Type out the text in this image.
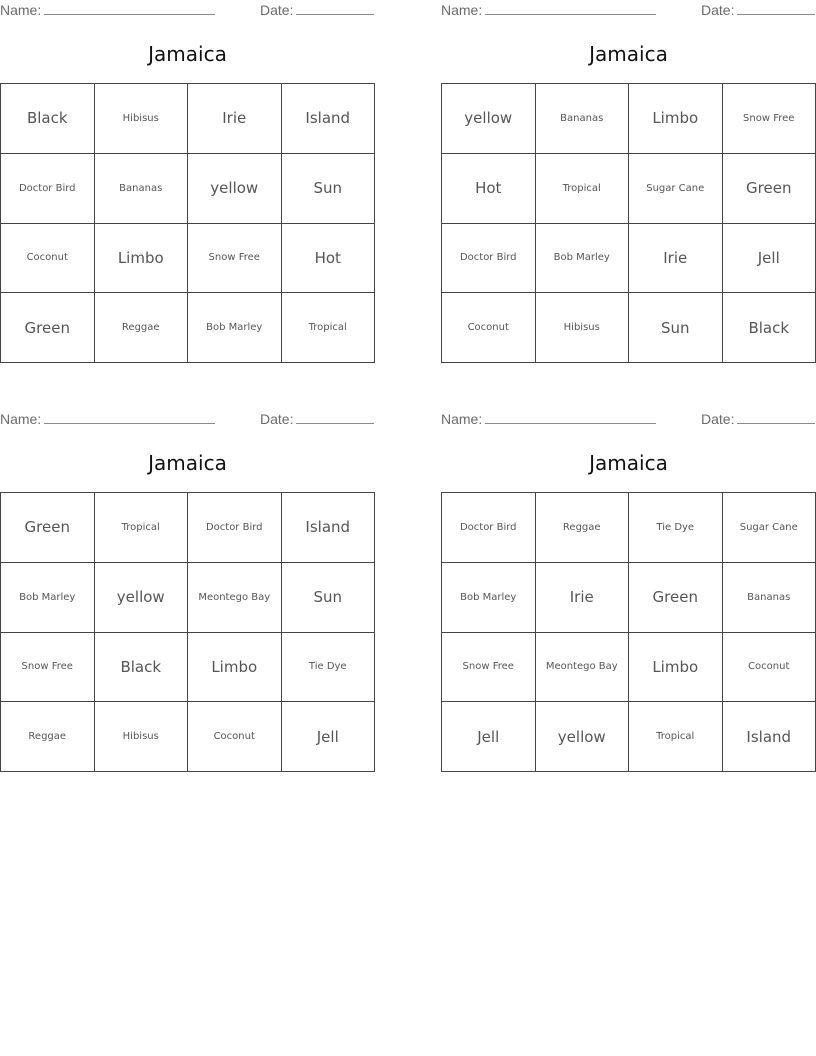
Name:	Date:
Jamaica
Black	Hibisus	Irie	Island
Doctor Bird	Bananas	yellow	Sun
Coconut	Limbo	Snow Free	Hot
Green	Reggae	Bob Marley	Tropical
Name:	Date:
Jamaica
yellow	Bananas	Limbo	Snow Free
Hot	Tropical	Sugar Cane	Green
Doctor Bird	Bob Marley	Irie	Jell
Coconut	Hibisus	Sun	Black
Name:	Date:
Jamaica
Green	Tropical	Doctor Bird	Island
Bob Marley	yellow	Meontego Bay	Sun
Snow Free	Black	Limbo	Tie Dye
Reggae	Hibisus	Coconut	Jell
Name:	Date:
Jamaica
Doctor Bird	Reggae	Tie Dye	Sugar Cane
Bob Marley	Irie	Green	Bananas
Snow Free	Meontego Bay	Limbo	Coconut
Jell	yellow	Tropical	Island
